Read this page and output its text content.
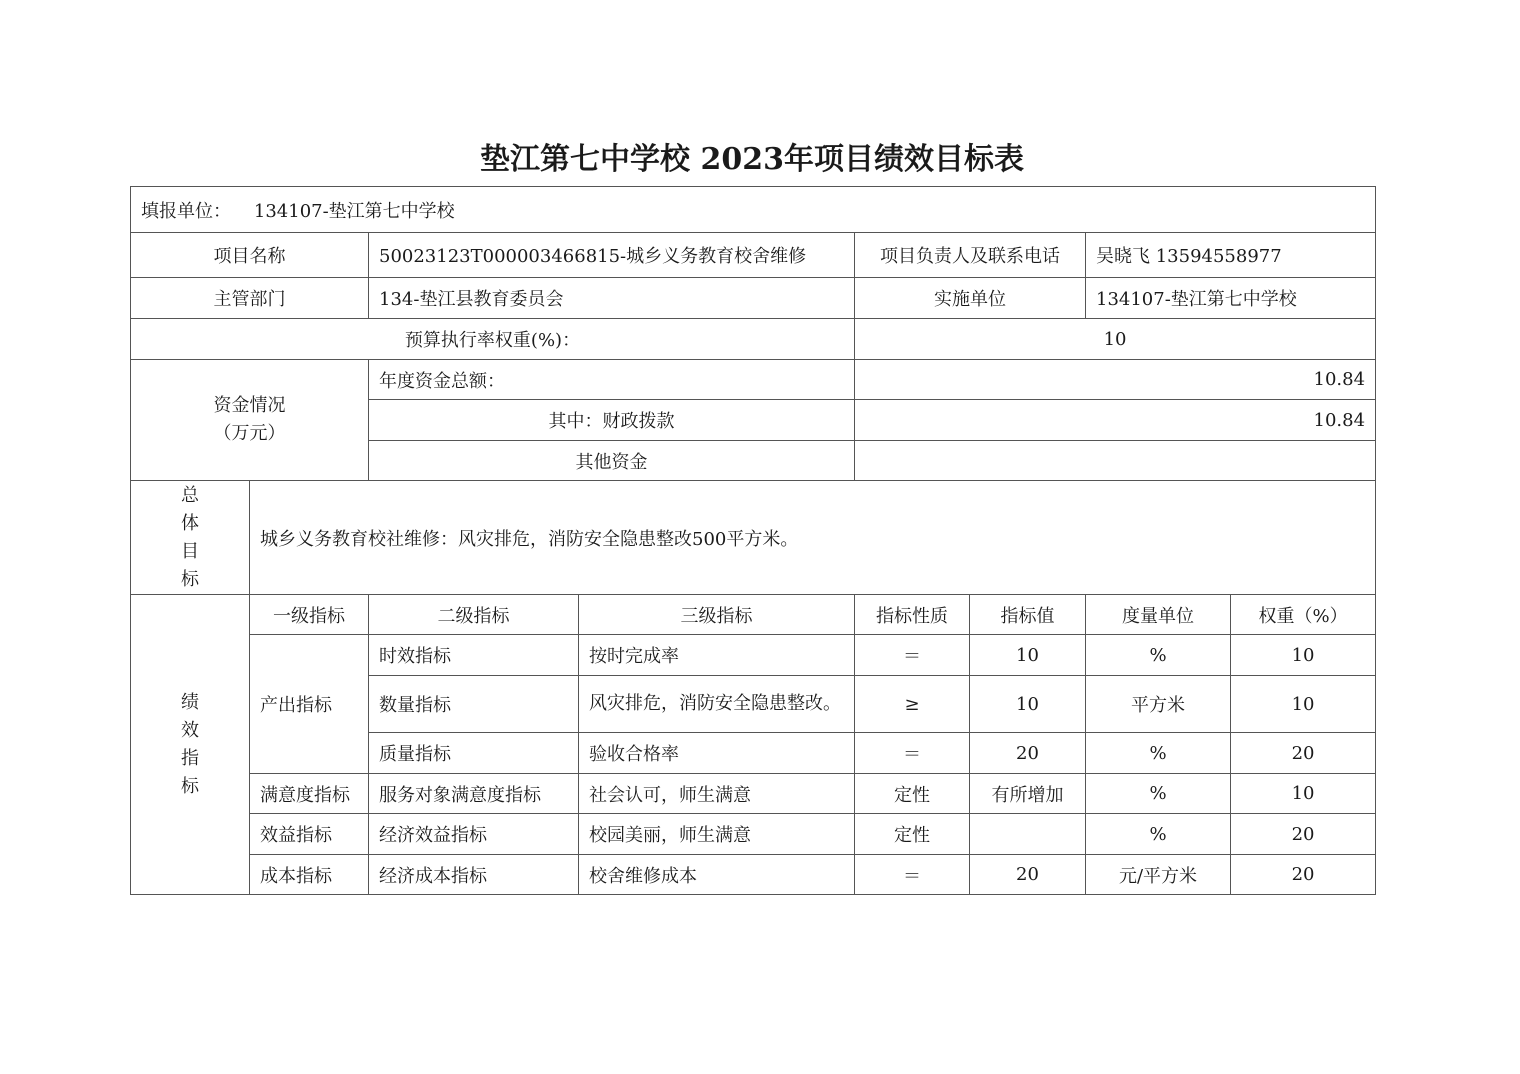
垫江第七中学校 2023年项目绩效目标表
填报单位： 134107-垫江第七中学校							
项目名称		50023123T000003466815-城乡义务教育校舍维修		项目负责人及联系电话		吴晓飞 13594558977	
主管部门		134-垫江县教育委员会		实施单位		134107-垫江第七中学校	
预算执行率权重(%)：				10			
资金情况
（万元）		年度资金总额：		10.84			
		其中：财政拨款		10.84			
		其他资金					

总
体
目
标	城乡义务教育校社维修：风灾排危，消防安全隐患整改500平方米。						

绩
效
指
标	一级指标	二级指标	三级指标	指标性质	指标值	度量单位	权重（%）
	产出指标	时效指标	按时完成率	＝	10	%	10
		数量指标	风灾排危，消防安全隐患整改。	≥	10	平方米	10
		质量指标	验收合格率	＝	20	%	20
	满意度指标	服务对象满意度指标	社会认可，师生满意	定性	有所增加	%	10
	效益指标	经济效益指标	校园美丽，师生满意	定性		%	20
	成本指标	经济成本指标	校舍维修成本	＝	20	元/平方米	20
